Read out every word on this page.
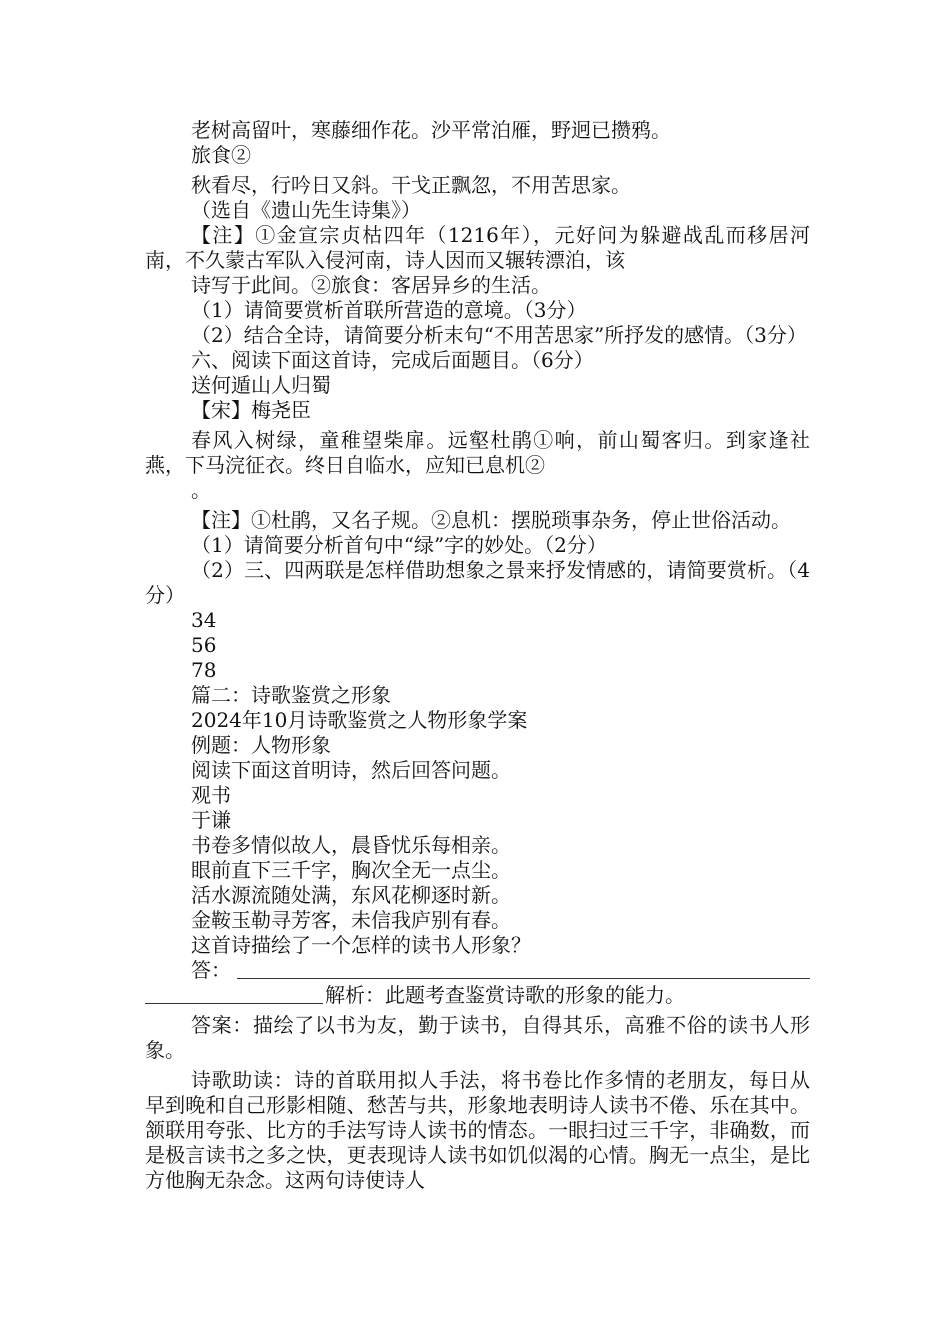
老树高留叶，寒藤细作花。沙平常泊雁，野迥已攒鸦。
旅食②
秋看尽，行吟日又斜。干戈正飘忽，不用苦思家。
（选自《遗山先生诗集》）
【注】①金宣宗贞枯四年（1216年），元好问为躲避战乱而移居河南，不久蒙古军队入侵河南，诗人因而又辗转漂泊，该
诗写于此间。②旅食：客居异乡的生活。
（1）请简要赏析首联所营造的意境。（3分）
（2）结合全诗，请简要分析末句“不用苦思家”所抒发的感情。（3分）
六、阅读下面这首诗，完成后面题目。（6分）
送何遁山人归蜀
【宋】梅尧臣
春风入树绿，童稚望柴扉。远壑杜鹃①响，前山蜀客归。到家逢社燕，下马浣征衣。终日自临水，应知已息机②
。
【注】①杜鹃，又名子规。②息机：摆脱琐事杂务，停止世俗活动。
（1）请简要分析首句中“绿”字的妙处。（2分）
（2）三、四两联是怎样借助想象之景来抒发情感的，请简要赏析。（4分）
34
56
78
篇二：诗歌鉴赏之形象
2024年10月诗歌鉴赏之人物形象学案
例题：人物形象
阅读下面这首明诗，然后回答问题。
观书
于谦
书卷多情似故人，晨昏忧乐每相亲。
眼前直下三千字，胸次全无一点尘。
活水源流随处满，东风花柳逐时新。
金鞍玉勒寻芳客，未信我庐别有春。
这首诗描绘了一个怎样的读书人形象？
答：
解析：此题考查鉴赏诗歌的形象的能力。
答案：描绘了以书为友，勤于读书，自得其乐，高雅不俗的读书人形象。
诗歌助读：诗的首联用拟人手法，将书卷比作多情的老朋友，每日从早到晚和自己形影相随、愁苦与共，形象地表明诗人读书不倦、乐在其中。颔联用夸张、比方的手法写诗人读书的情态。一眼扫过三千字，非确数，而是极言读书之多之快，更表现诗人读书如饥似渴的心情。胸无一点尘，是比方他胸无杂念。这两句诗使诗人
